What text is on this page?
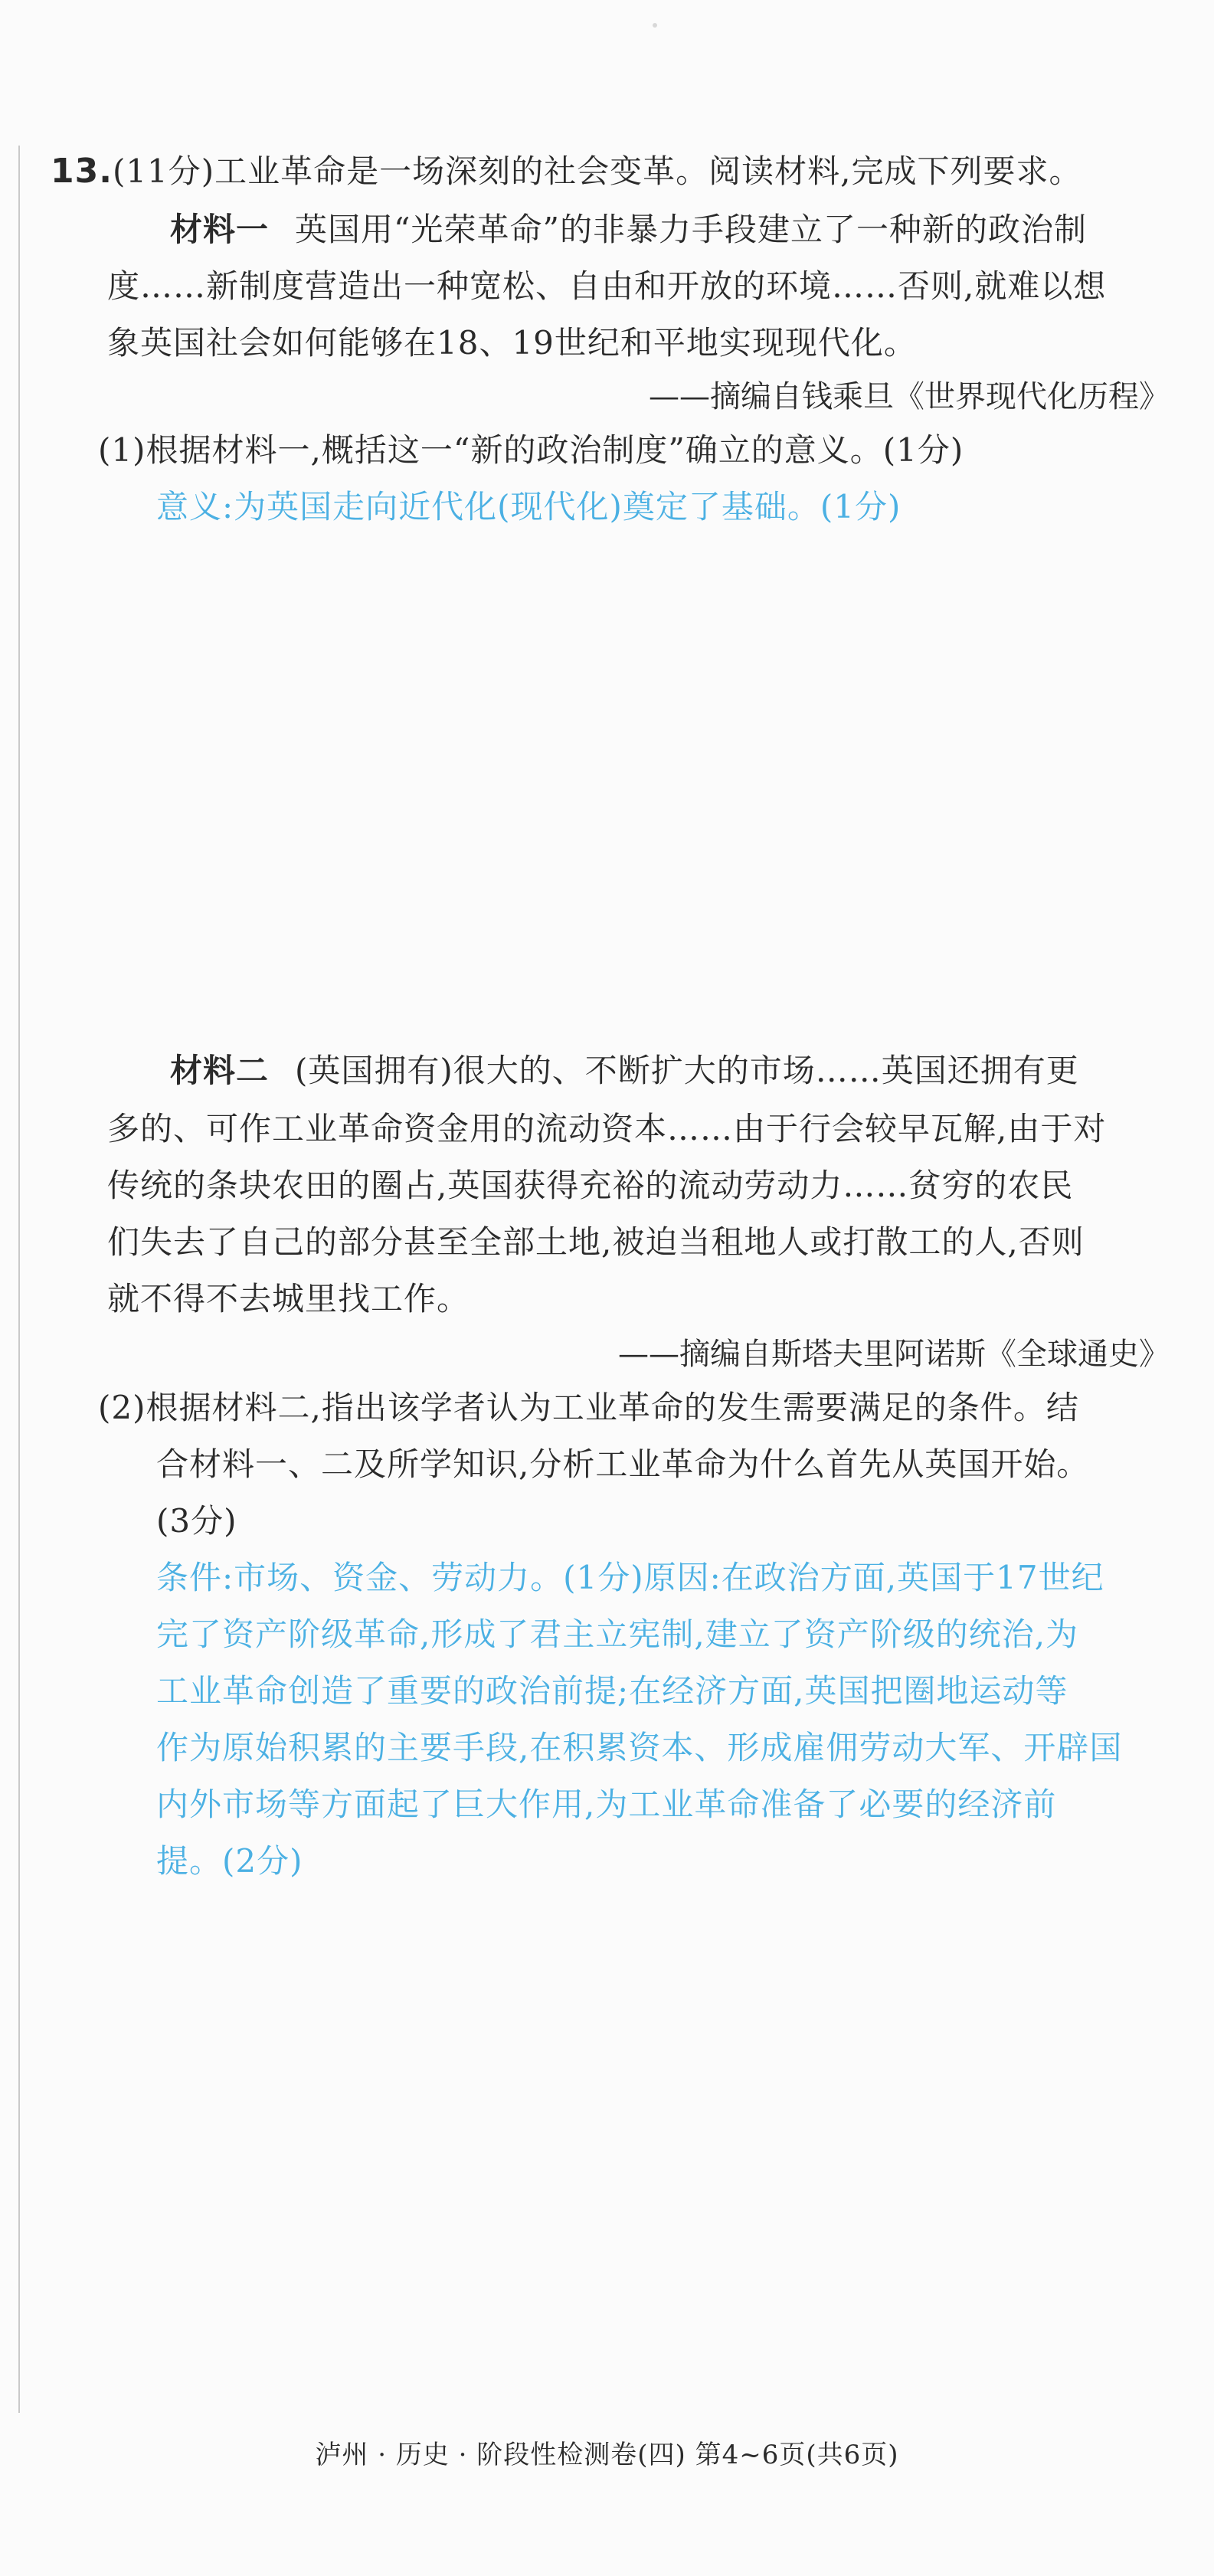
13.(11分)工业革命是一场深刻的社会变革。阅读材料,完成下列要求。
材料一 英国用“光荣革命”的非暴力手段建立了一种新的政治制
度……新制度营造出一种宽松、自由和开放的环境……否则,就难以想
象英国社会如何能够在18、19世纪和平地实现现代化。
——摘编自钱乘旦《世界现代化历程》
(1)根据材料一,概括这一“新的政治制度”确立的意义。(1分)
意义:为英国走向近代化(现代化)奠定了基础。(1分)
材料二 (英国拥有)很大的、不断扩大的市场……英国还拥有更
多的、可作工业革命资金用的流动资本……由于行会较早瓦解,由于对
传统的条块农田的圈占,英国获得充裕的流动劳动力……贫穷的农民
们失去了自己的部分甚至全部土地,被迫当租地人或打散工的人,否则
就不得不去城里找工作。
——摘编自斯塔夫里阿诺斯《全球通史》
(2)根据材料二,指出该学者认为工业革命的发生需要满足的条件。结
合材料一、二及所学知识,分析工业革命为什么首先从英国开始。
(3分)
条件:市场、资金、劳动力。(1分)原因:在政治方面,英国于17世纪
完了资产阶级革命,形成了君主立宪制,建立了资产阶级的统治,为
工业革命创造了重要的政治前提;在经济方面,英国把圈地运动等
作为原始积累的主要手段,在积累资本、形成雇佣劳动大军、开辟国
内外市场等方面起了巨大作用,为工业革命准备了必要的经济前
提。(2分)
泸州 · 历史 · 阶段性检测卷(四) 第4~6页(共6页)
